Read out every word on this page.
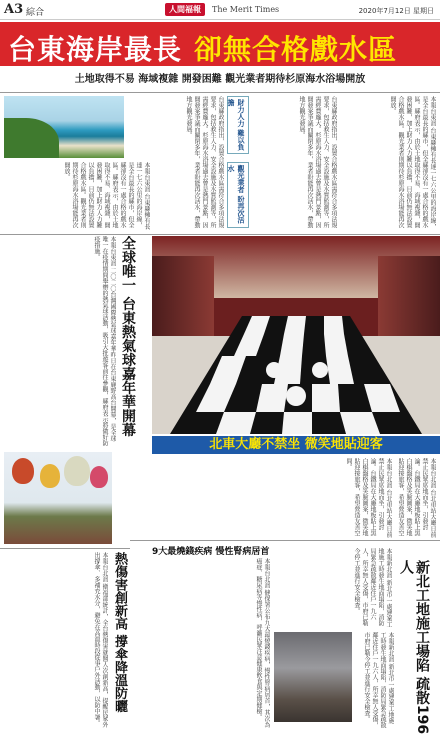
A3 綜合	人間福報	The Merit Times	2020年7月12日 星期日
台東海岸最長 卻無合格戲水區
土地取得不易 海域複雜 開發困難 觀光業者期待杉原海水浴場開放
本報台東訊 台東縣擁有長達一七六公里的海岸線，是全台最長的縣市，但全縣卻沒有一處合格的戲水區。縣府表示，由於土地取得不易、海域複雜，開發困難，加上財力人力難以負擔，目前仍無法設置合格戲水區。觀光業者則期待杉原海水浴場能再次開放。
台東縣政府指出，設置合格戲水區需符合多項法規要求，包括救生人力、安全設施及水質監測等，所需經費龐大。杉原海水浴場過去曾是熱門景點，因開發案爭議而關閉多年，業者盼能再次活水，帶動地方觀光發展。
台東縣政府指出，設置合格戲水區需符合多項法規要求，包括救生人力、安全設施及水質監測等，所需經費龐大。杉原海水浴場過去曾是熱門景點，因開發案爭議而關閉多年，業者盼能再次活水，帶動地方觀光發展。
本報台東訊 台東縣擁有長達一七六公里的海岸線，是全台最長的縣市，但全縣卻沒有一處合格的戲水區。縣府表示，由於土地取得不易、海域複雜，開發困難，加上財力人力難以負擔，目前仍無法設置合格戲水區。觀光業者則期待杉原海水浴場能再次開放。
財力人力 難以負擔
觀光業者 盼再次活水
全球唯一 台東熱氣球嘉年華開幕
本報台東訊 二〇二〇台灣國際熱氣球嘉年華昨日在台東鹿野高台開幕，是全球唯一在疫情期間舉辦的熱氣球活動，吸引大批遊客前往參觀，縣府表示將做好防疫措施。
北車大廳不禁坐 微笑地貼迎客
本報台北訊 台北車站大廳日前禁止民眾席地而坐，引發討論。台鐵局在大廳地板貼上黑白棋盤格及笑臉圖案，微笑地貼迎接旅客，希望營造友善空間。	本報台北訊 台北車站大廳日前禁止民眾席地而坐，引發討論。台鐵局在大廳地板貼上黑白棋盤格及笑臉圖案，微笑地貼迎接旅客，希望營造友善空
熱傷害創新高 撐傘降溫防曬
本報台北訊 衛福部統計，全台熱傷害就醫人次創新高，提醒民眾外出撐傘、多補充水分，避免在高溫時段從事戶外活動，以防中暑。	9大最燒錢疾病 慢性腎病居首
本報台北訊 健保署公布九大最燒錢疾病，慢性腎病居首，其次為癌症、糖尿病等慢性病，呼籲民眾注意健康飲食與定期健檢。	新北工地施工場陷 疏散196人
本報新北訊 新北市一處建案工地施工時發生地面塌陷，消防局緊急疏散鄰近住戶一九六人，所幸無人受傷，市府已勒令停工並進行安全檢查。
本報新北訊 新北市一處建案工地施工時發生地面塌陷，消防局緊急疏散鄰近住戶一九六人，所幸無人受傷，市府已勒令停工並進行安全檢查。
